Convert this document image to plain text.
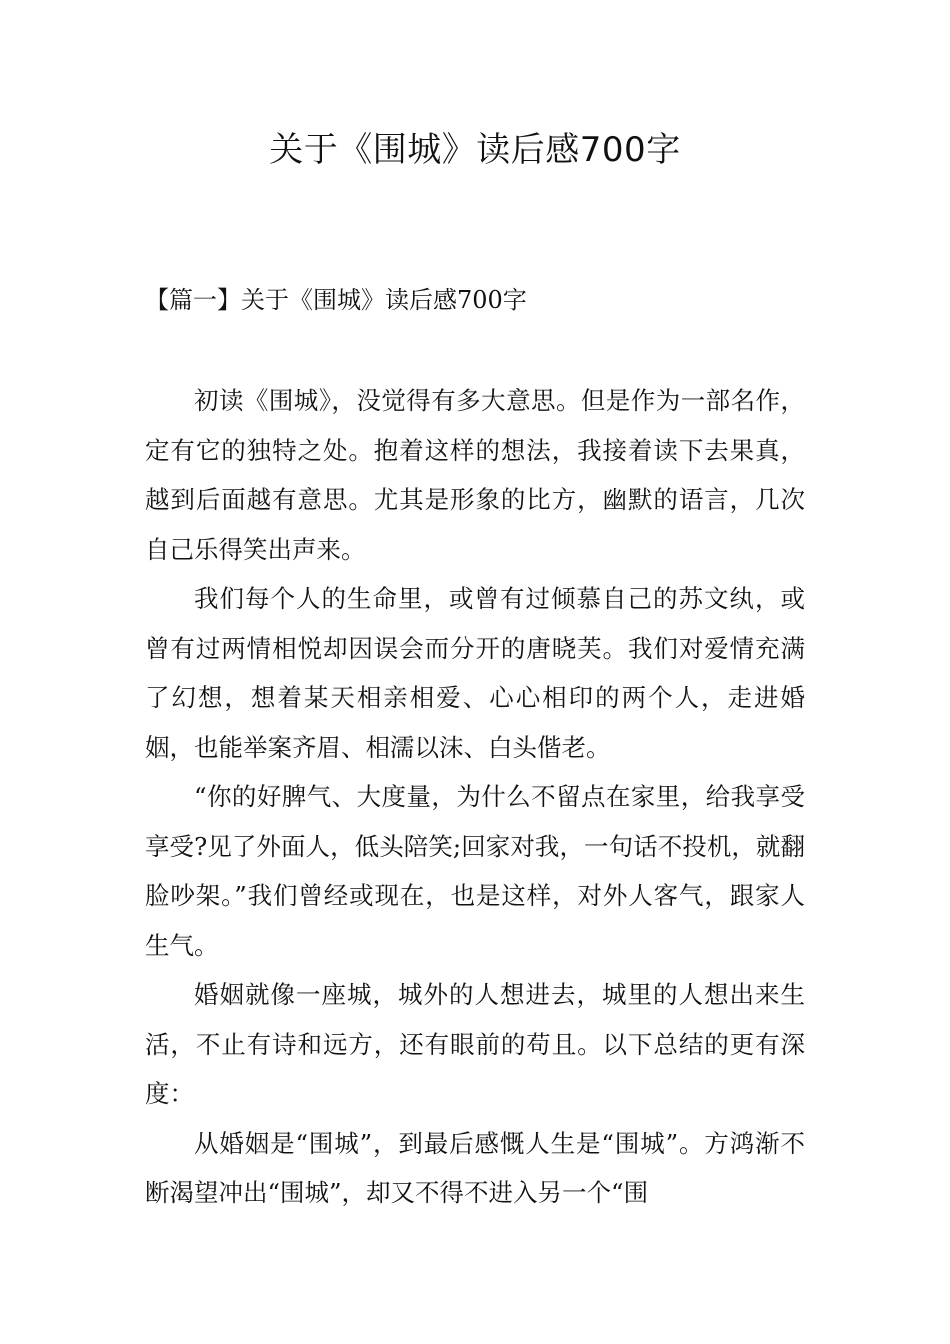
关于《围城》读后感700字
【篇一】关于《围城》读后感700字

初读《围城》，没觉得有多大意思。但是作为一部名作，定有它的独特之处。抱着这样的想法，我接着读下去果真，越到后面越有意思。尤其是形象的比方，幽默的语言，几次自己乐得笑出声来。

我们每个人的生命里，或曾有过倾慕自己的苏文纨，或曾有过两情相悦却因误会而分开的唐晓芙。我们对爱情充满了幻想，想着某天相亲相爱、心心相印的两个人，走进婚姻，也能举案齐眉、相濡以沫、白头偕老。

“你的好脾气、大度量，为什么不留点在家里，给我享受享受?见了外面人，低头陪笑;回家对我，一句话不投机，就翻脸吵架。”我们曾经或现在，也是这样，对外人客气，跟家人生气。

婚姻就像一座城，城外的人想进去，城里的人想出来生活，不止有诗和远方，还有眼前的苟且。以下总结的更有深度：

从婚姻是“围城”，到最后感慨人生是“围城”。方鸿渐不断渴望冲出“围城”，却又不得不进入另一个“围
